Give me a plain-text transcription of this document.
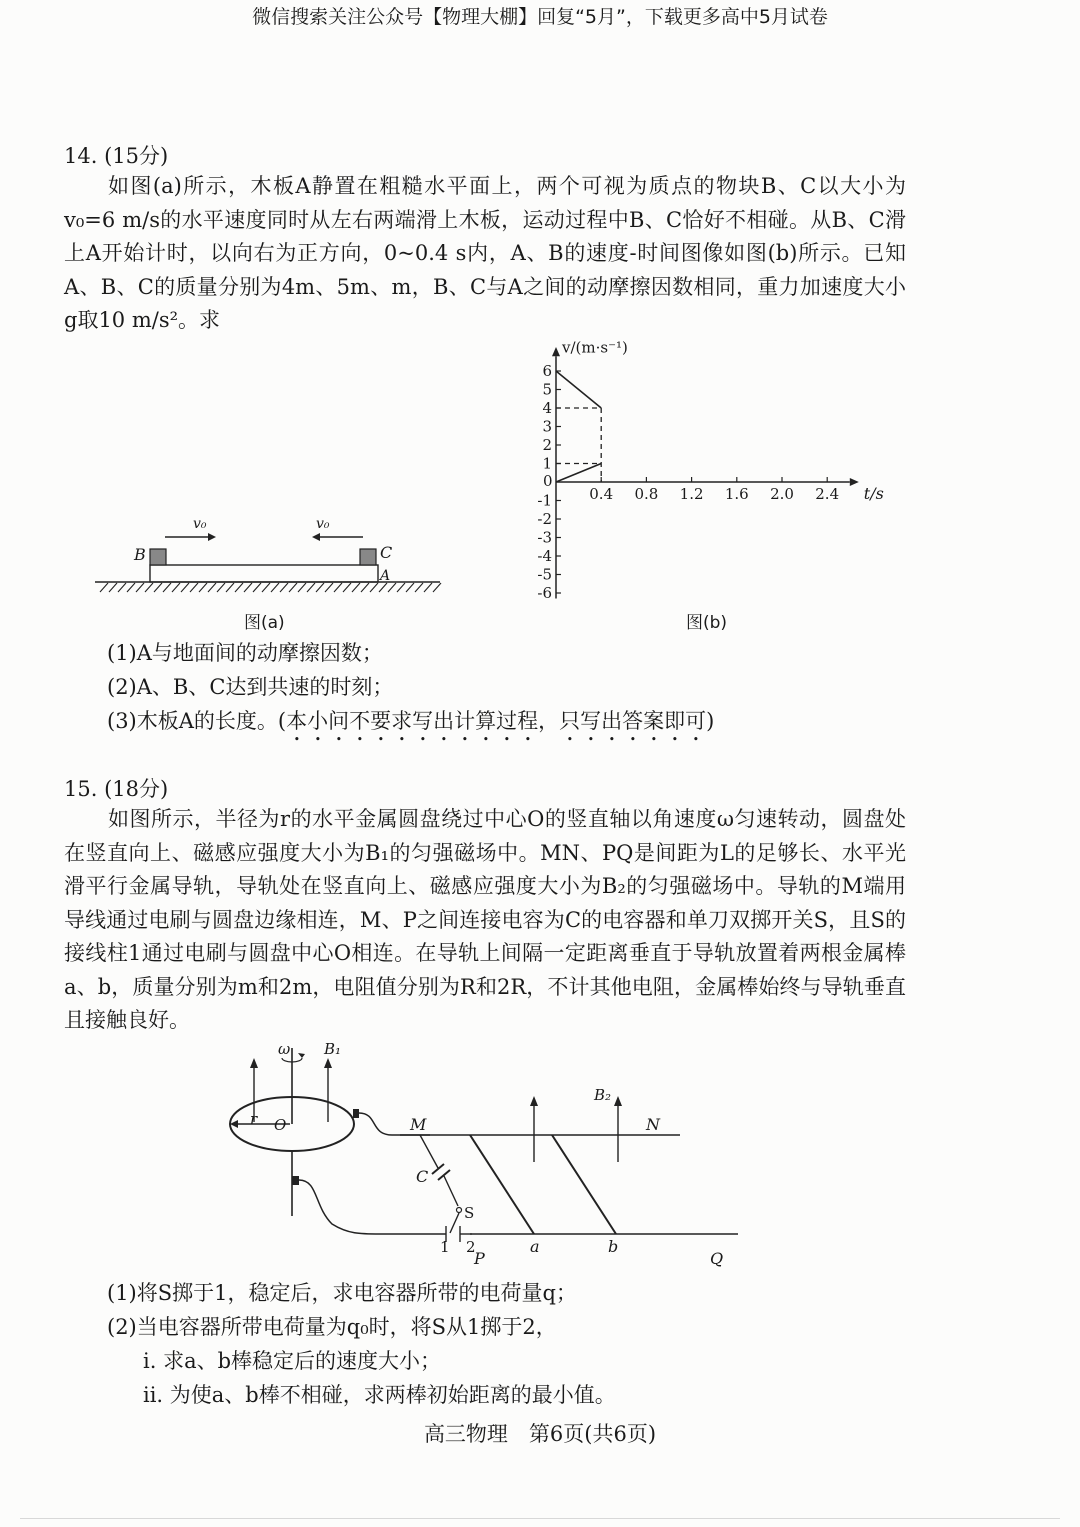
微信搜索关注公众号【物理大棚】回复“5月”，下载更多高中5月试卷
14. (15分)

如图(a)所示，木板A静置在粗糙水平面上，两个可视为质点的物块B、C以大小为v₀=6 m/s的水平速度同时从左右两端滑上木板，运动过程中B、C恰好不相碰。从B、C滑上A开始计时，以向右为正方向，0~0.4 s内，A、B的速度-时间图像如图(b)所示。已知A、B、C的质量分别为4m、5m、m，B、C与A之间的动摩擦因数相同，重力加速度大小g取10 m/s²。求

v₀	v₀
B	C
A
图(a)
0.4 0.8 1.2 1.6 2.0 2.4
-6
-5
-4
-3
-2
-1
1
2
3
4
5
6
v/(m·s⁻¹)
t/s
0
图(b)
(1)A与地面间的动摩擦因数；
(2)A、B、C达到共速的时刻；
(3)木板A的长度。(本小问不要求写出计算过程，只写出答案即可)
15. (18分)

如图所示，半径为r的水平金属圆盘绕过中心O的竖直轴以角速度ω匀速转动，圆盘处在竖直向上、磁感应强度大小为B₁的匀强磁场中。MN、PQ是间距为L的足够长、水平光滑平行金属导轨，导轨处在竖直向上、磁感应强度大小为B₂的匀强磁场中。导轨的M端用导线通过电刷与圆盘边缘相连，M、P之间连接电容为C的电容器和单刀双掷开关S，且S的接线柱1通过电刷与圆盘中心O相连。在导轨上间隔一定距离垂直于导轨放置着两根金属棒a、b，质量分别为m和2m，电阻值分别为R和2R，不计其他电阻，金属棒始终与导轨垂直且接触良好。

ω B₁
r O
C
S
1 2
M	N
P	Q
a	b
B₂
(1)将S掷于1，稳定后，求电容器所带的电荷量q；
(2)当电容器所带电荷量为q₀时，将S从1掷于2，
i. 求a、b棒稳定后的速度大小；
ii. 为使a、b棒不相碰，求两棒初始距离的最小值。
高三物理　第6页(共6页)
